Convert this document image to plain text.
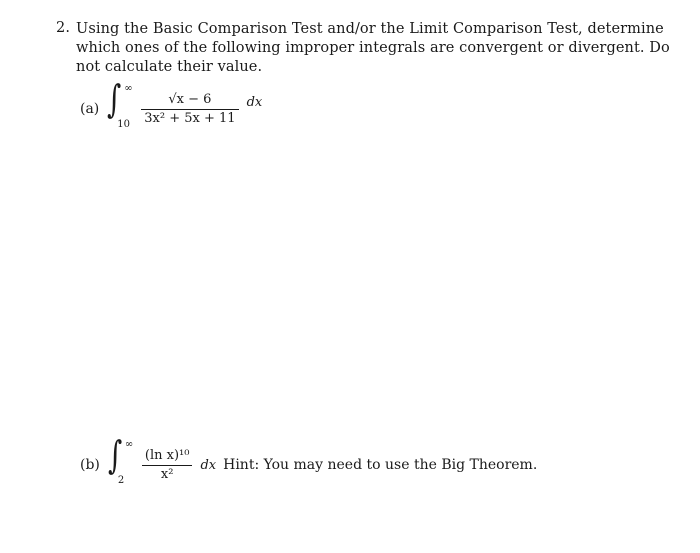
2. Using the Basic Comparison Test and/or the Limit Comparison Test, determine which ones of the following improper integrals are convergent or divergent. Do not calculate their value.
(a) ∫ ∞
$10 \frac{√x - 6}{\text{3x² + 5x + 11}}$ dx
(b) ∫ ∞
$2 \frac{\text{(ln x)¹⁰}}{\text{x²}}$ dx Hint: You may need to use the Big Theorem.
